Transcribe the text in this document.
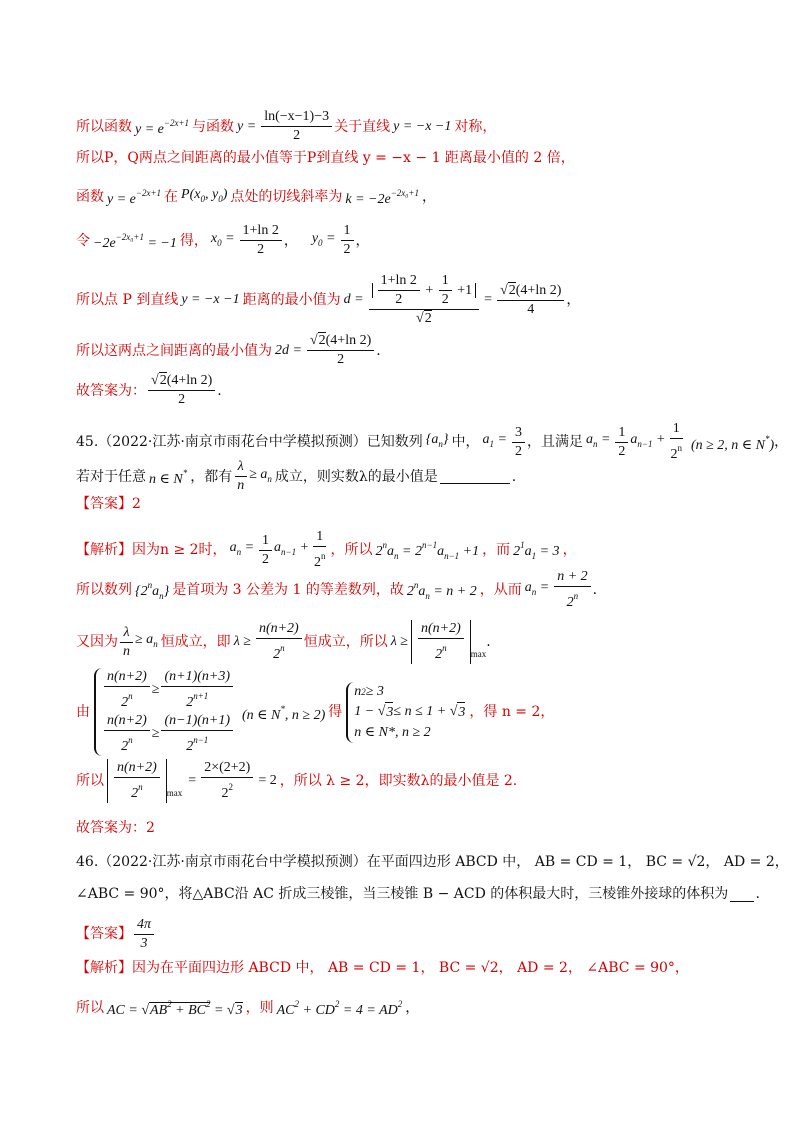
所以函数 $y = e^{-2x+1}$ 与函数 $y = \frac{\ln(-x-1)-3}{2}$ 关于直线 y = −x −1 对称，
所以P，Q两点之间距离的最小值等于P到直线 y = −x − 1 距离最小值的 2 倍，
函数 $y = e^{-2x+1}$ 在 $P(x_0$, $y_0$) 点处的切线斜率为 $k = -2e^{-2x_0+1}$ ，
令 $-2e^{-2x_0+1} = -1$ 得， $x_0 = \frac{1+\ln 2}{2}$ ， $y_0 = \frac{1}{2}$ ，
所以点 P 到直线 y = −x −1 距离的最小值为 $d = \frac{\frac{1+\ln 2}{2} + \frac{1}{2} +1}{√2} = \frac{√2(4+\ln 2)}{4}$ ，
所以这两点之间距离的最小值为 $2d = \frac{√2(4+\ln 2)}{2}$ .
故答案为： $\frac{√2(4+\ln 2)}{2}$ .
45.（2022·江苏·南京市雨花台中学模拟预测）已知数列 $\{a_n\}$ 中， $a_1 = \frac{3}{2}$ ，且满足 $a_n = \frac{1}{2} a_{n-1} + \frac{1}{2^n} (n \ge 2$, n ∈ N*) ，
若对于任意 n ∈ N* ，都有 $\frac{\lambda}{n} \ge a_n$ 成立，则实数λ的最小值是	.
【答案】2
【解析】 因为n ≥ 2时， $a_n = \frac{1}{2} a_{n-1} + \frac{1}{2^n}$ ，所以 $2^na_n = 2^{n-1}a_{n-1} +1$ ，而 $2^1a_1 = 3$ ，
所以数列 $\{2^na_n\}$ 是首项为 3 公差为 1 的等差数列，故 $2^na_n = n + 2$ ，从而 $a_n = \frac{n + 2}{2^n}$ .
又因为 $\frac{\lambda}{n} \ge a_n$ 恒成立，即 $\lambda \ge \frac{n(n+2)}{2^n}$ 恒成立，所以 $\lambda \ge \frac{n(n+2)}{2^n}$ max
.
由 $\frac{n(n+2)}{2^n} \ge \frac{(n+1)(n+3)}{2^{n+1}}$
$\frac{n(n+2)}{2^n} \ge \frac{(n-1)(n+1)}{2^{n-1}} (n$ ∈ N*, n ≥ 2) 得
n 2 ≥ 3
1 − √ 3 ≤ n ≤ 1 + √ 3
n ∈ N*, n ≥ 2
，得 n = 2，
所以 $\frac{n(n+2)}{2^n}$ max
= $\frac{2\times(2+2)}{2^2} = 2$ ，所以 λ ≥ 2，即实数λ的最小值是 2.
故答案为：2
46.（2022·江苏·南京市雨花台中学模拟预测）在平面四边形 ABCD 中， AB = CD = 1， BC = √2， AD = 2，
∠ABC = 90°，将△ABC沿 AC 折成三棱锥，当三棱锥 B − ACD 的体积最大时，三棱锥外接球的体积为 .
【答案】 $\frac{4\pi}{3}$
【解析】 因为在平面四边形 ABCD 中， AB = CD = 1， BC = √2， AD = 2， ∠ABC = 90°，
所以 AC = $√AB^2 + BC^2 = √3$ ，则 $AC^2 + CD^2 = 4 = AD^2$ ，
